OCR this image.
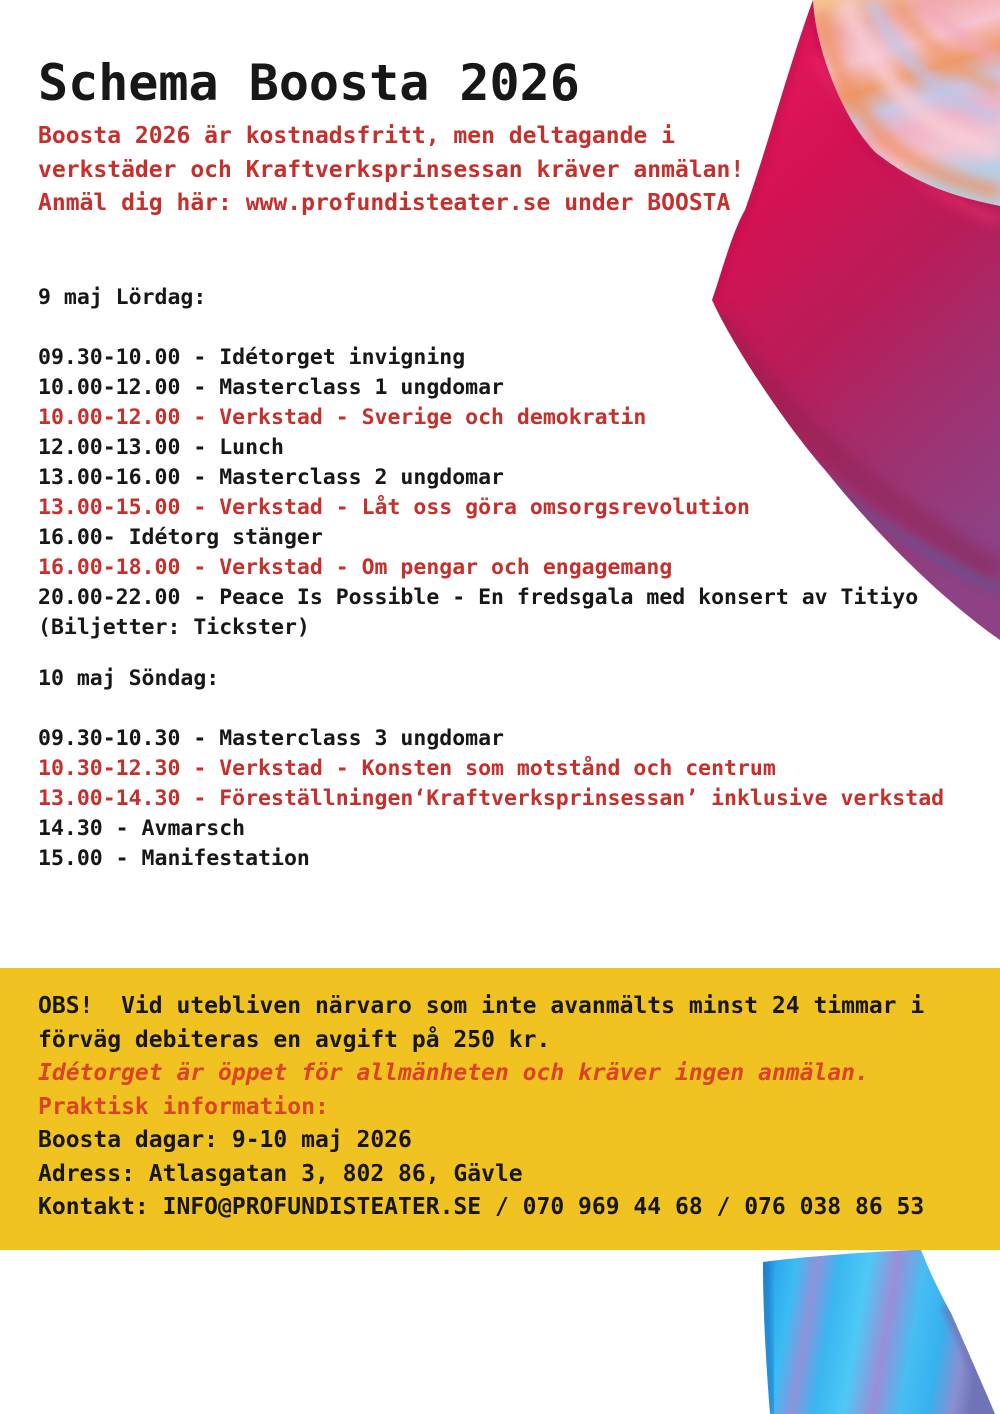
Schema Boosta 2026
Boosta 2026 är kostnadsfritt, men deltagande i
verkstäder och Kraftverksprinsessan kräver anmälan!
Anmäl dig här: www.profundisteater.se under BOOSTA
9 maj Lördag:
09.30-10.00 - Idétorget invigning
10.00-12.00 - Masterclass 1 ungdomar
10.00-12.00 - Verkstad - Sverige och demokratin
12.00-13.00 - Lunch
13.00-16.00 - Masterclass 2 ungdomar
13.00-15.00 - Verkstad - Låt oss göra omsorgsrevolution
16.00- Idétorg stänger
16.00-18.00 - Verkstad - Om pengar och engagemang
20.00-22.00 - Peace Is Possible - En fredsgala med konsert av Titiyo
(Biljetter: Tickster)
10 maj Söndag:
09.30-10.30 - Masterclass 3 ungdomar
10.30-12.30 - Verkstad - Konsten som motstånd och centrum
13.00-14.30 - Föreställningen‘Kraftverksprinsessan’ inklusive verkstad
14.30 - Avmarsch
15.00 - Manifestation
OBS!  Vid utebliven närvaro som inte avanmälts minst 24 timmar i
förväg debiteras en avgift på 250 kr.
Idétorget är öppet för allmänheten och kräver ingen anmälan.
Praktisk information:
Boosta dagar: 9-10 maj 2026
Adress: Atlasgatan 3, 802 86, Gävle
Kontakt: INFO@PROFUNDISTEATER.SE / 070 969 44 68 / 076 038 86 53
